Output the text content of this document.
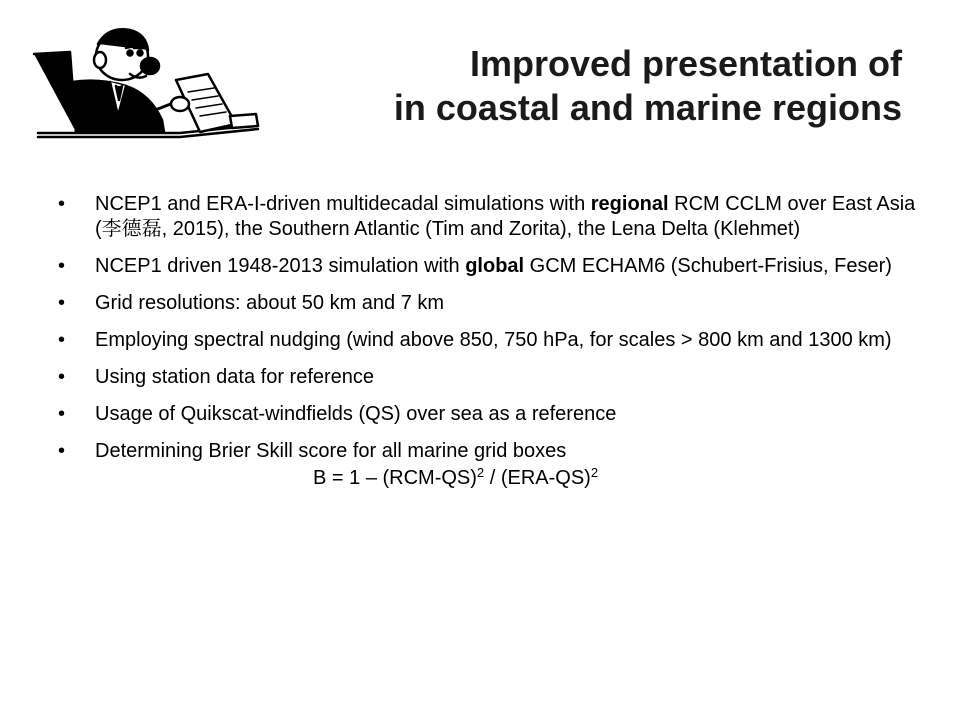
Improved presentation of
in coastal and marine regions
• NCEP1 and ERA-I-driven multidecadal simulations with regional RCM CCLM over East Asia (李德磊, 2015), the Southern Atlantic (Tim and Zorita), the Lena Delta (Klehmet)
• NCEP1 driven 1948-2013 simulation with global GCM ECHAM6 (Schubert-Frisius, Feser)
• Grid resolutions: about 50 km and 7 km
• Employing spectral nudging (wind above 850, 750 hPa, for scales > 800 km and 1300 km)
• Using station data for reference
• Usage of Quikscat-windfields (QS) over sea as a reference
• Determining Brier Skill score for all marine grid boxes
$B = 1 - (RCM-QS)^2 / (ERA-QS)^2$
